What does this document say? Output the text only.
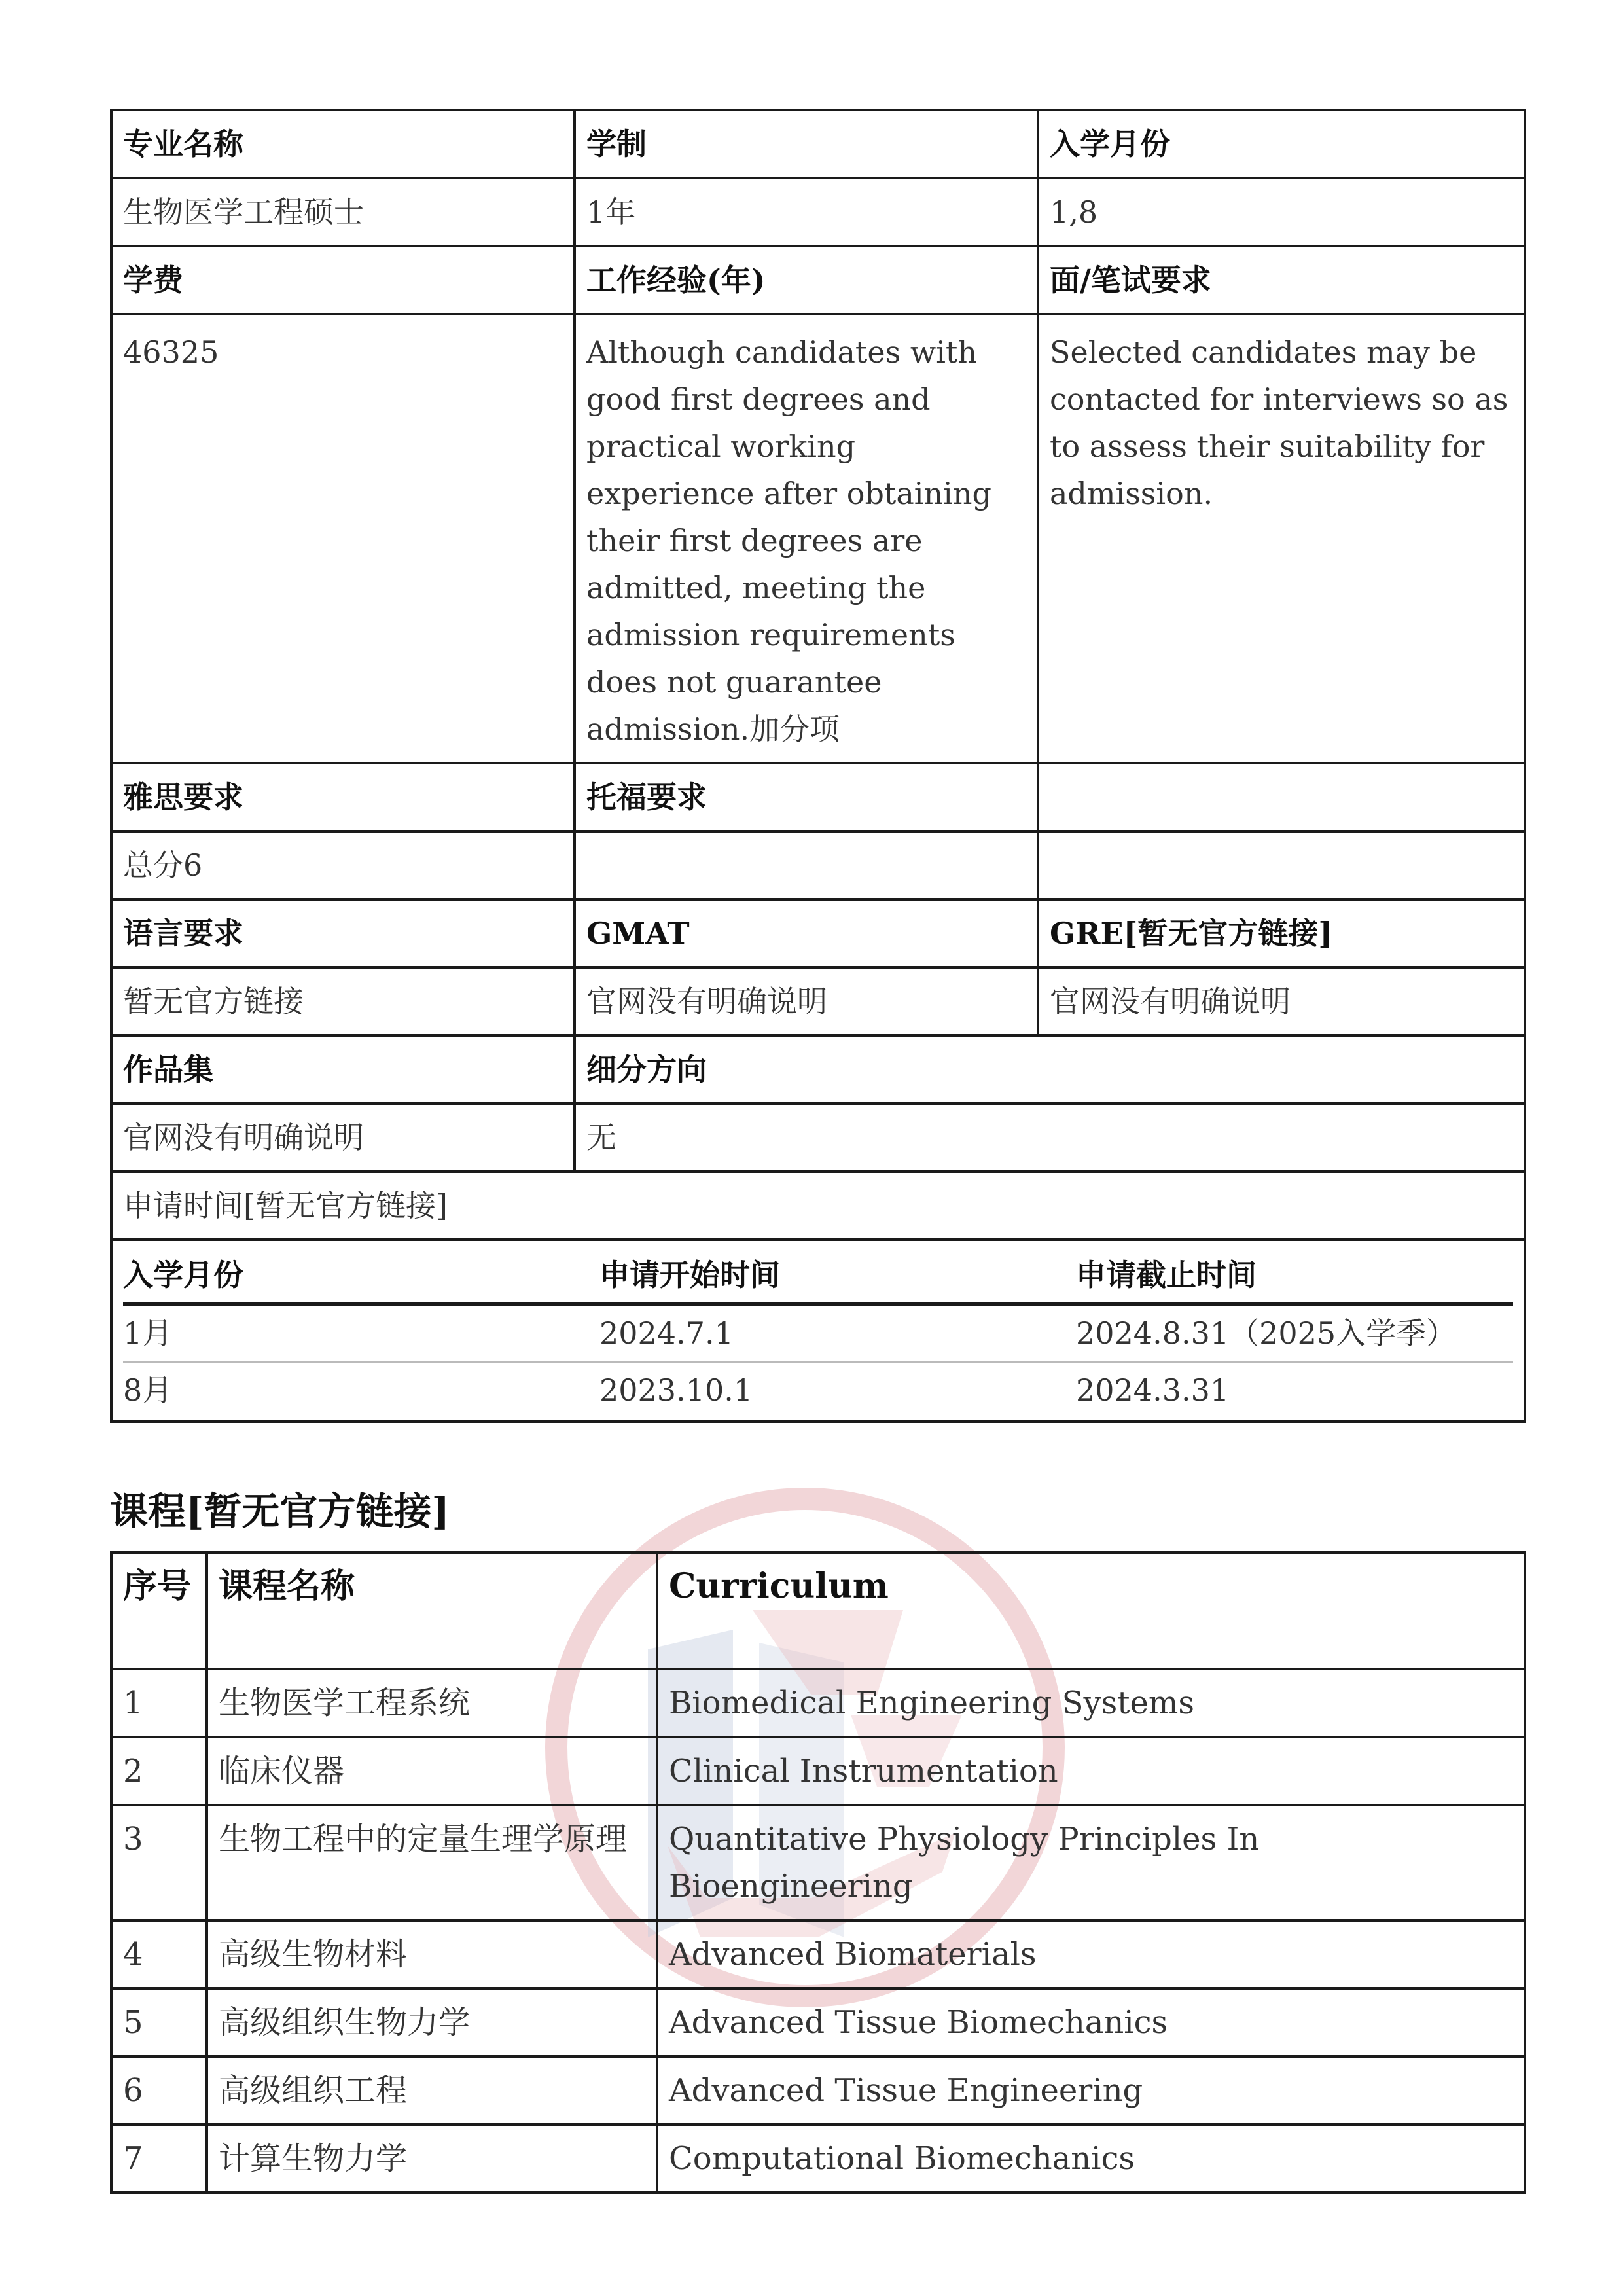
专业名称	学制	入学月份
生物医学工程硕士	1年	1,8
学费	工作经验(年)	面/笔试要求
46325	Although candidates with good first degrees and practical working experience after obtaining their first degrees are admitted, meeting the admission requirements does not guarantee admission.加分项	Selected candidates may be contacted for interviews so as to assess their suitability for admission.
雅思要求	托福要求	
总分6		
语言要求	GMAT	GRE[暂无官方链接]
暂无官方链接	官网没有明确说明	官网没有明确说明
作品集	细分方向
官网没有明确说明	无
申请时间[暂无官方链接]

入学月份	申请开始时间	申请截止时间
1月	2024.7.1	2024.8.31（2025入学季）
8月	2023.10.1	2024.3.31
课程[暂无官方链接]
序号	课程名称	Curriculum
1	生物医学工程系统	Biomedical Engineering Systems
2	临床仪器	Clinical Instrumentation
3	生物工程中的定量生理学原理	Quantitative Physiology Principles In Bioengineering
4	高级生物材料	Advanced Biomaterials
5	高级组织生物力学	Advanced Tissue Biomechanics
6	高级组织工程	Advanced Tissue Engineering
7	计算生物力学	Computational Biomechanics
